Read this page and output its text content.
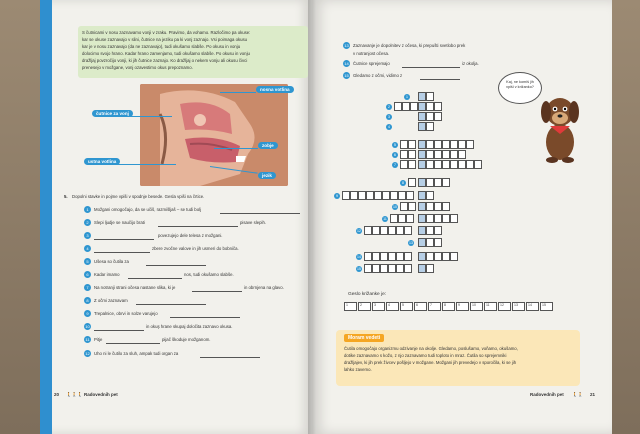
S čutnicami v nosu zaznavamo vonji v zraku. Pravimo, da vohamo. Razločimo pa okuse:
kar se okuse zaznavajo v slini, čutnice na jeziku pa ki vonj zaznajo. Vsi poimaga okusu
kar je v nosu zaznavajo (da ne zaznavajo), tudi okušamo slabše. Po okusu in vonju
dolocimo svojo hrano. Kadar hrano zamenjamo, tudi okušamo slabše. Po okusu in vonju
dražljaj povzročijo vonji, ki jih čutnice zaznajo. Ko dražljaj o nekem vonju ali okusu čivci
prenesejo v možgane, vonj ozavestimo okus prepoznamo.
nosna votlina
čutnice za vonj
zobje
jezik
ustna votlina
5. Dopolni stavke in pojme vpiši v spodnje besede. Gesla vpiši na črtice.
1	Možgani omogočajo, da se učiš, razmišljaš – se tudi bolj
2	Slepi ljudje se naučijo brati	pisave slepih.
3	povezujejo dele telesa z možgani.
4	zbere zvočne valove in jih usmeri do bobniča.
5	Ušesa so čutila za
6	Kadar imamo	nos, tudi okušamo slabše.
7	Na notranji strani očesa nastane slika, ki je	in obrnjena na glavo.
8	Z očmi zaznavam
9	Trepalnice, obrvi in solze varujejo
10	in okuş hrane skupaj določita zaznavo okusa.
11	Pitje	pijač škoduje možganom.
12 Uho ni le čutilo za sluh, ampak tudi organ za
20 🚶🚶🚶 Radovednih pet
13 Zaznavanje je dopolnitev z očesa, ki prepušti svetlobo prek
v notranjost očesa.
14 Čutnice sprejemajo	iz okolja.
15 Gledamo z očmi, vidimo z
Kaj, ne komiš jih vpiši v križanko?
1
2
3
4
5
6
7
8
9
10
11
12
13
14
15
Geslo križanke je:
1	2	3	4	5	6	7	8	9	10	11	12	13	14	15
Moram vedeti
Čutila omogočajo organizmu odzivanje na okolje. Gledamo, poslušamo, voňamo, okušamo,
dotike zaznavamo s kožo, z njo zaznavamo tudi toploto in mraz. Čutila so sprejemniki
dražljajev, ki jih prek živcev pošljejo v možgane. Možgani jih prevedejo v sporočila, ki se jih
lahko zavemo.
Radovednih pet 🚶🚶 21
